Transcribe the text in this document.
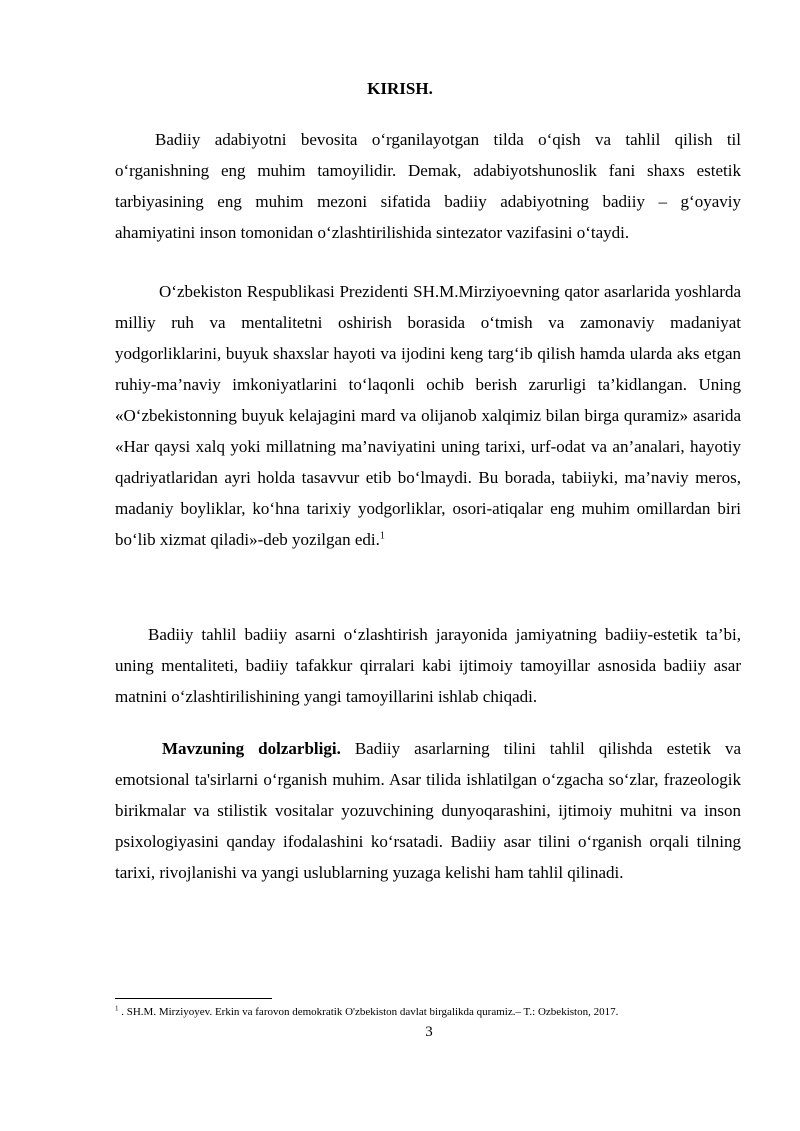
KIRISH.

Badiiy adabiyotni bevosita o‘rganilayotgan tilda o‘qish va tahlil qilish til o‘rganishning eng muhim tamoyilidir. Demak, adabiyotshunoslik fani shaxs estetik tarbiyasining eng muhim mezoni sifatida badiiy adabiyotning badiiy – g‘oyaviy ahamiyatini inson tomonidan o‘zlashtirilishida sintezator vazifasini o‘taydi.

O‘zbekiston Respublikasi Prezidenti SH.M.Mirziyoevning qator asarlarida yoshlarda milliy ruh va mentalitetni oshirish borasida o‘tmish va zamonaviy madaniyat yodgorliklarini, buyuk shaxslar hayoti va ijodini keng targ‘ib qilish hamda ularda aks etgan ruhiy-ma’naviy imkoniyatlarini to‘laqonli ochib berish zarurligi ta’kidlangan. Uning «O‘zbekistonning buyuk kelajagini mard va olijanob xalqimiz bilan birga quramiz» asarida «Har qaysi xalq yoki millatning ma’naviyatini uning tarixi, urf-odat va an’analari, hayotiy qadriyatlaridan ayri holda tasavvur etib bo‘lmaydi. Bu borada, tabiiyki, ma’naviy meros, madaniy boyliklar, ko‘hna tarixiy yodgorliklar, osori-atiqalar eng muhim omillardan biri bo‘lib xizmat qiladi»-deb yozilgan edi.$^1$

Badiiy tahlil badiiy asarni o‘zlashtirish jarayonida jamiyatning badiiy-estetik ta’bi, uning mentaliteti, badiiy tafakkur qirralari kabi ijtimoiy tamoyillar asnosida badiiy asar matnini o‘zlashtirilishining yangi tamoyillarini ishlab chiqadi.

Mavzuning dolzarbligi. Badiiy asarlarning tilini tahlil qilishda estetik va emotsional ta'sirlarni o‘rganish muhim. Asar tilida ishlatilgan o‘zgacha so‘zlar, frazeologik birikmalar va stilistik vositalar yozuvchining dunyoqarashini, ijtimoiy muhitni va inson psixologiyasini qanday ifodalashini ko‘rsatadi. Badiiy asar tilini o‘rganish orqali tilning tarixi, rivojlanishi va yangi uslublarning yuzaga kelishi ham tahlil qilinadi.

$^1$ . SH.M. Mirziyoyev. Erkin va farovon demokratik O'zbekiston davlat birgalikda quramiz.– T.: Ozbekiston, 2017.
3
